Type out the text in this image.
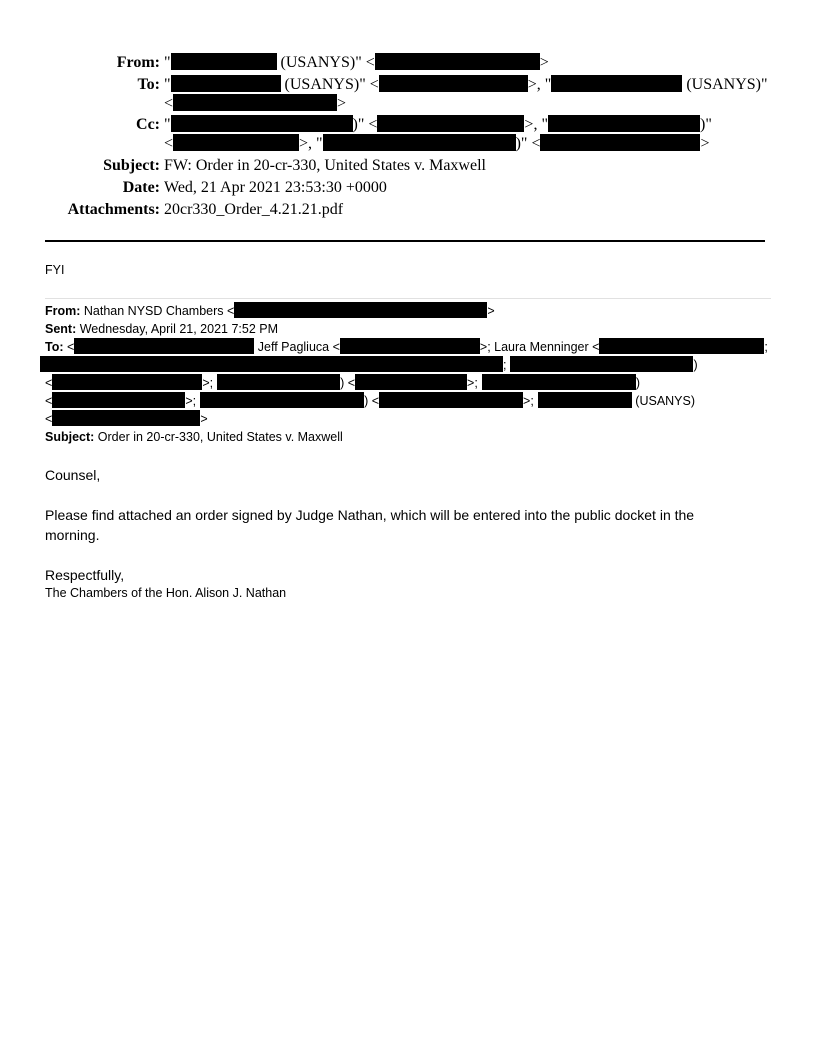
From: "	(USANYS)" <	>
To: "	(USANYS)" <	>, "	(USANYS)"
<	>
Cc: "	)" <	>, "	)"
<	>, "	)" <	>
Subject: FW: Order in 20-cr-330, United States v. Maxwell
Date: Wed, 21 Apr 2021 23:53:30 +0000
Attachments: 20cr330_Order_4.21.21.pdf
FYI
From: Nathan NYSD Chambers <	>
Sent: Wednesday, April 21, 2021 7:52 PM
To: <	Jeff Pagliuca <	>; Laura Menninger <	;
;	)
<	>;	) <	>;	)
<	>;	) <	>;	(USANYS)
<	>
Subject: Order in 20-cr-330, United States v. Maxwell
Counsel,
Please find attached an order signed by Judge Nathan, which will be entered into the public docket in the
morning.
Respectfully,
The Chambers of the Hon. Alison J. Nathan
